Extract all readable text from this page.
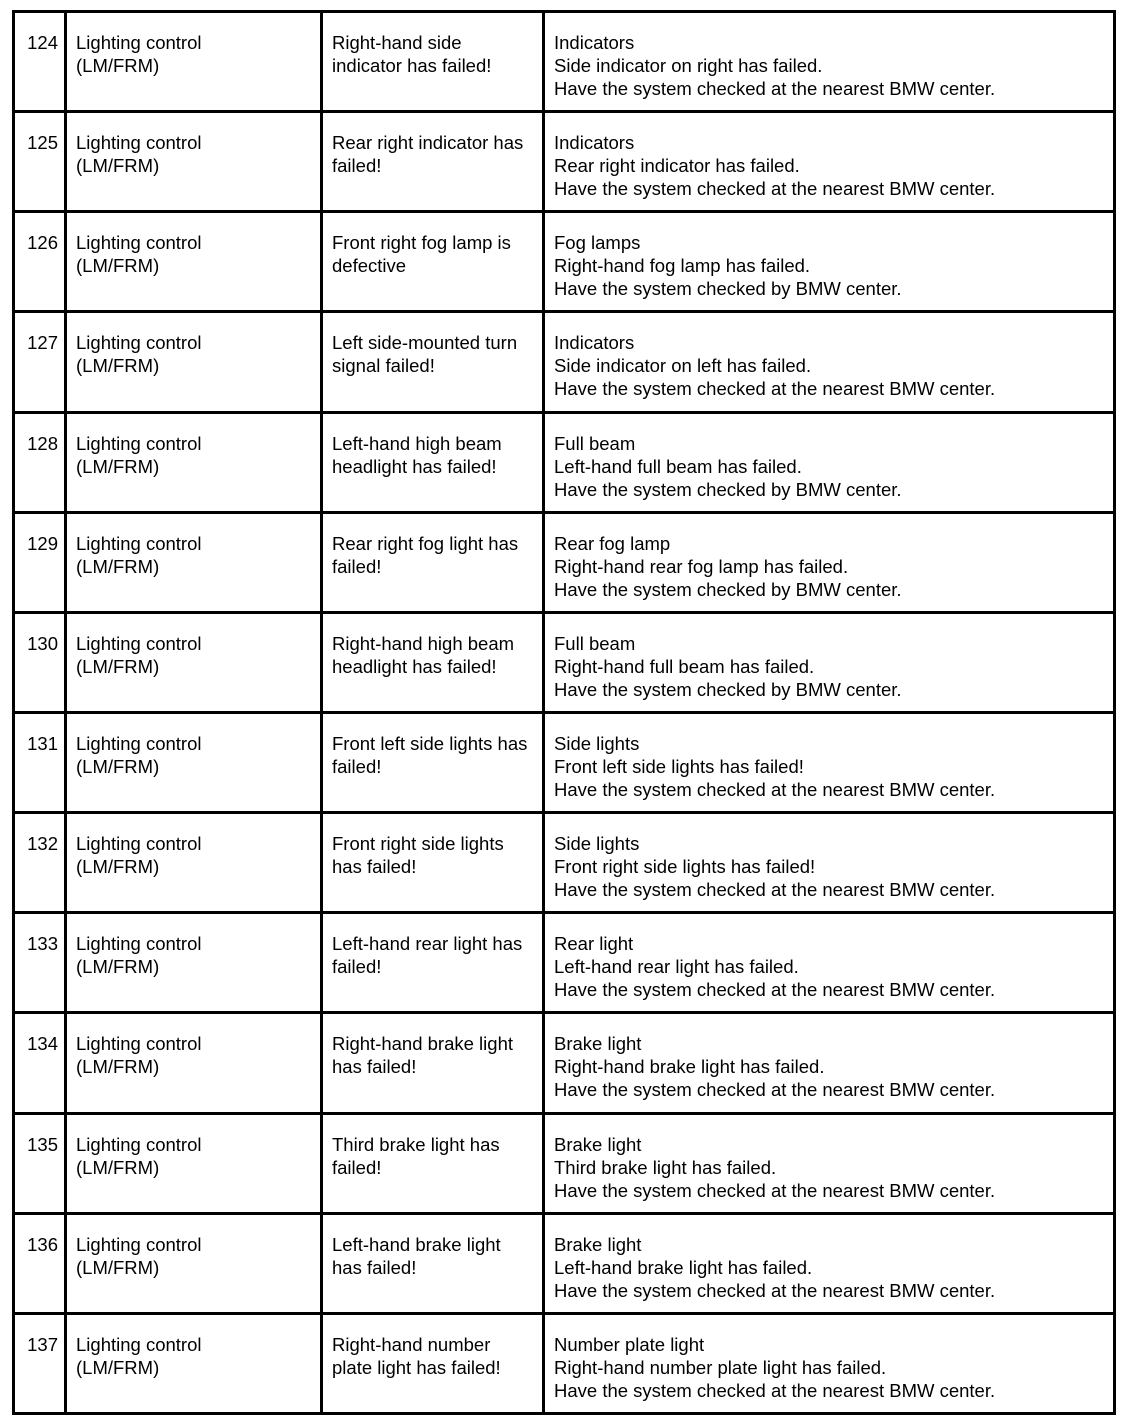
124	Lighting control
(LM/FRM)	Right-hand side indicator has failed!	Indicators
Side indicator on right has failed.
Have the system checked at the nearest BMW center.

125	Lighting control
(LM/FRM)	Rear right indicator has failed!	Indicators
Rear right indicator has failed.
Have the system checked at the nearest BMW center.

126	Lighting control
(LM/FRM)	Front right fog lamp is defective	Fog lamps
Right-hand fog lamp has failed.
Have the system checked by BMW center.

127	Lighting control
(LM/FRM)	Left side-mounted turn signal failed!	Indicators
Side indicator on left has failed.
Have the system checked at the nearest BMW center.

128	Lighting control
(LM/FRM)	Left-hand high beam headlight has failed!	Full beam
Left-hand full beam has failed.
Have the system checked by BMW center.

129	Lighting control
(LM/FRM)	Rear right fog light has failed!	Rear fog lamp
Right-hand rear fog lamp has failed.
Have the system checked by BMW center.

130	Lighting control
(LM/FRM)	Right-hand high beam headlight has failed!	Full beam
Right-hand full beam has failed.
Have the system checked by BMW center.

131	Lighting control
(LM/FRM)	Front left side lights has failed!	Side lights
Front left side lights has failed!
Have the system checked at the nearest BMW center.

132	Lighting control
(LM/FRM)	Front right side lights has failed!	Side lights
Front right side lights has failed!
Have the system checked at the nearest BMW center.

133	Lighting control
(LM/FRM)	Left-hand rear light has failed!	Rear light
Left-hand rear light has failed.
Have the system checked at the nearest BMW center.

134	Lighting control
(LM/FRM)	Right-hand brake light has failed!	Brake light
Right-hand brake light has failed.
Have the system checked at the nearest BMW center.

135	Lighting control
(LM/FRM)	Third brake light has failed!	Brake light
Third brake light has failed.
Have the system checked at the nearest BMW center.

136	Lighting control
(LM/FRM)	Left-hand brake light has failed!	Brake light
Left-hand brake light has failed.
Have the system checked at the nearest BMW center.

137	Lighting control
(LM/FRM)	Right-hand number plate light has failed!	Number plate light
Right-hand number plate light has failed.
Have the system checked at the nearest BMW center.
